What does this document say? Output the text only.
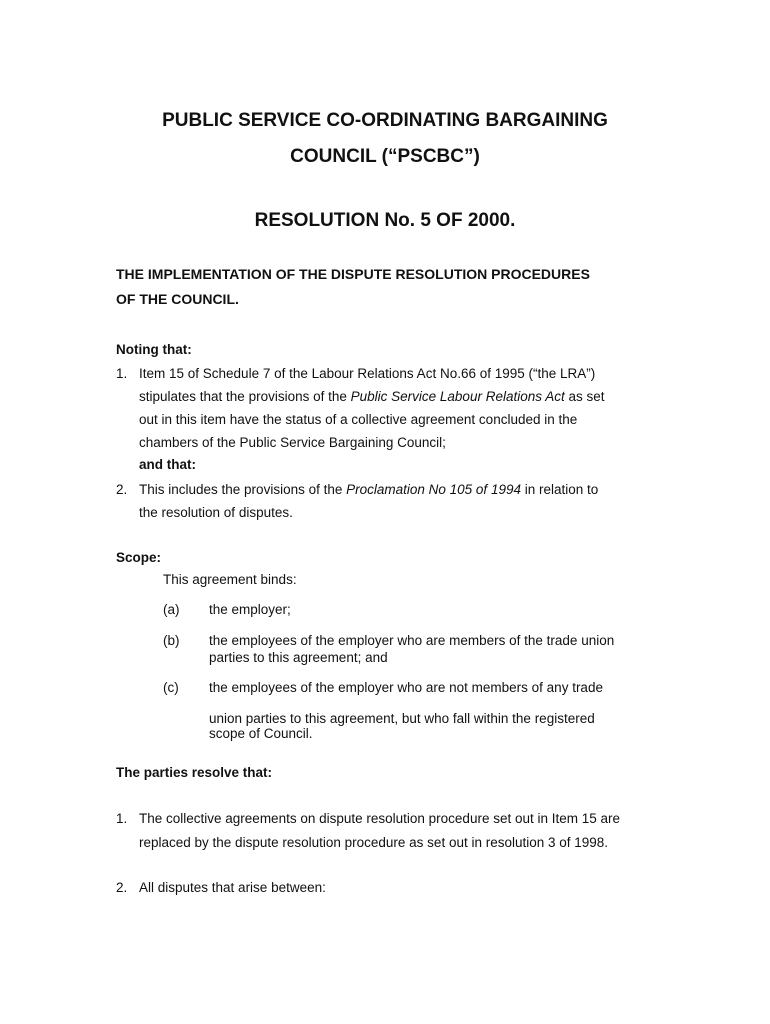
PUBLIC SERVICE CO-ORDINATING BARGAINING
COUNCIL (“PSCBC”)
RESOLUTION No. 5 OF 2000.
THE IMPLEMENTATION OF THE DISPUTE RESOLUTION PROCEDURES
OF THE COUNCIL.
Noting that:
1. Item 15 of Schedule 7 of the Labour Relations Act No.66 of 1995 (“the LRA”)
stipulates that the provisions of the Public Service Labour Relations Act as set
out in this item have the status of a collective agreement concluded in the
chambers of the Public Service Bargaining Council;
and that:
2. This includes the provisions of the Proclamation No 105 of 1994 in relation to
the resolution of disputes.
Scope:
This agreement binds:
(a) the employer;
(b) the employees of the employer who are members of the trade union
parties to this agreement; and
(c) the employees of the employer who are not members of any trade
union parties to this agreement, but who fall within the registered
scope of Council.
The parties resolve that:
1. The collective agreements on dispute resolution procedure set out in Item 15 are
replaced by the dispute resolution procedure as set out in resolution 3 of 1998.
2. All disputes that arise between:
